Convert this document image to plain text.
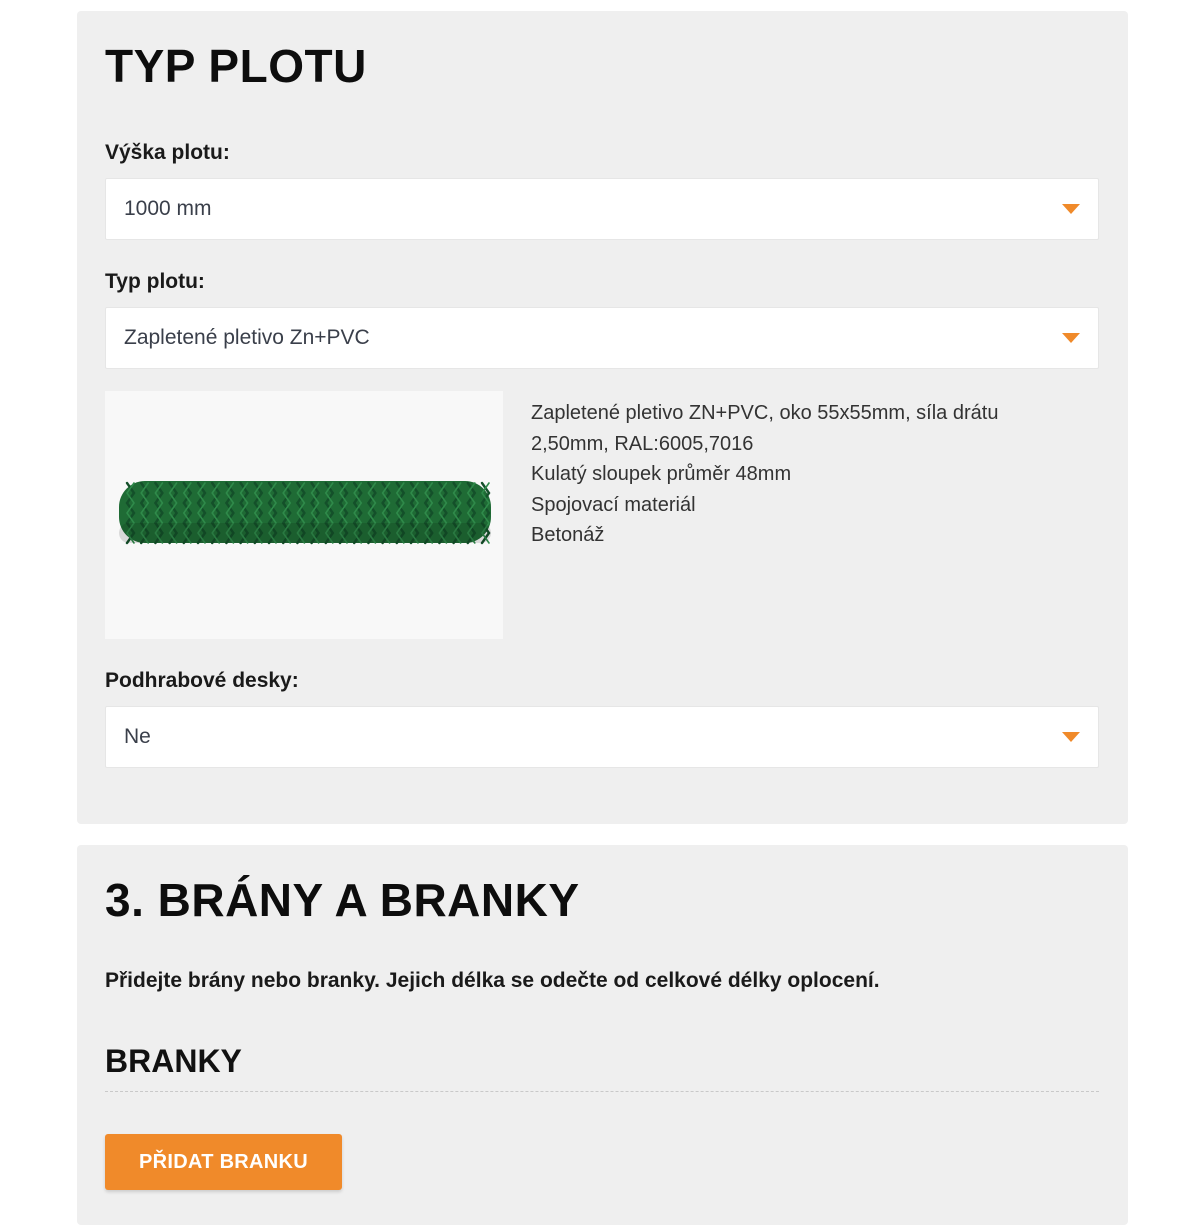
TYP PLOTU

Výška plotu:

1000 mm

Typ plotu:

Zapletené pletivo Zn+PVC
Zapletené pletivo ZN+PVC, oko 55x55mm, síla drátu
2,50mm, RAL:6005,7016
Kulatý sloupek průměr 48mm
Spojovací materiál
Betonáž

Podhrabové desky:

Ne
3. BRÁNY A BRANKY

Přidejte brány nebo branky. Jejich délka se odečte od celkové délky oplocení.

BRANKY
PŘIDAT BRANKU
